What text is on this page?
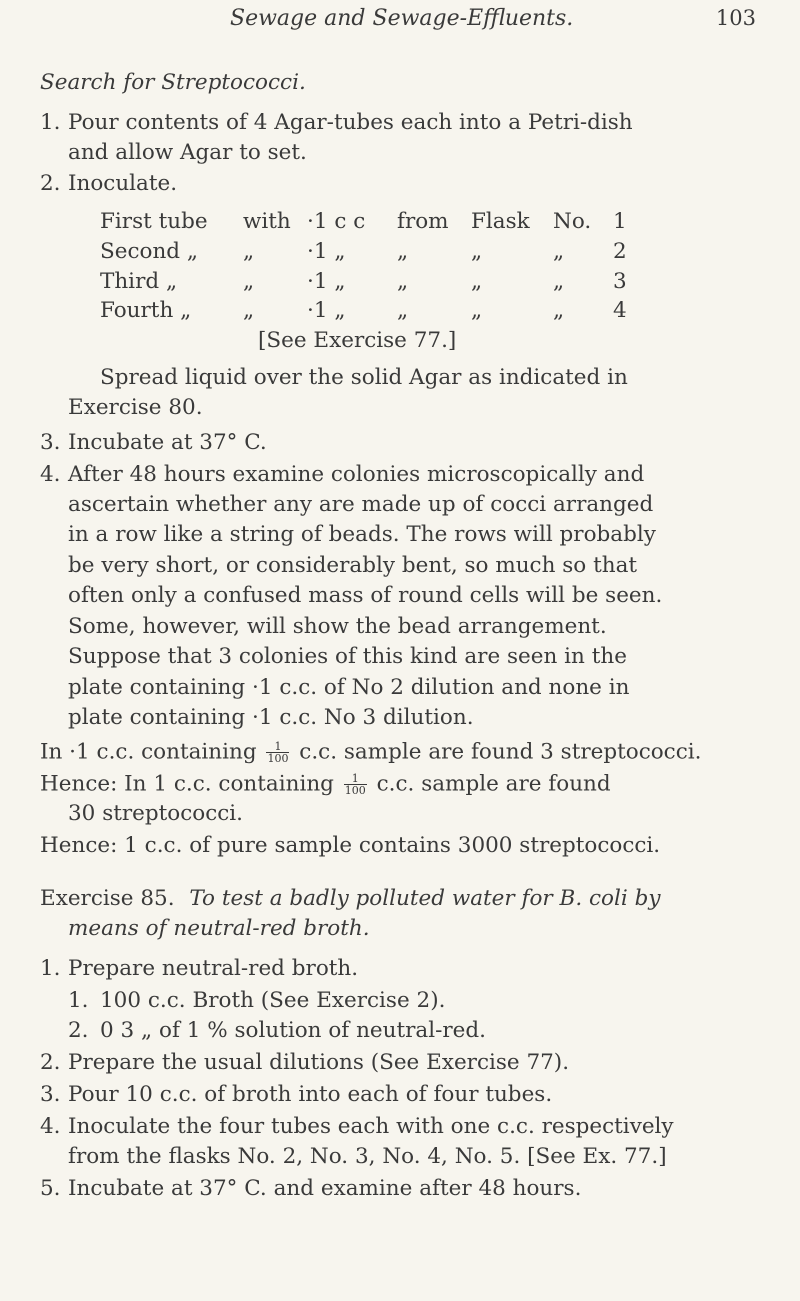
Sewage and Sewage-Effluents.	103
Search for Streptococci.
1. Pour contents of 4 Agar-tubes each into a Petri-dish
and allow Agar to set.
2. Inoculate.
First tube with ·1 c c from Flask No. 1
Second „ „ ·1 „ „	„	„ 2
Third „	„ ·1 „ „	„	„ 3
Fourth „ „ ·1 „ „	„	„ 4
[See Exercise 77.]
Spread liquid over the solid Agar as indicated in
Exercise 80.
3. Incubate at 37° C.
4. After 48 hours examine colonies microscopically and
ascertain whether any are made up of cocci arranged
in a row like a string of beads. The rows will probably
be very short, or considerably bent, so much so that
often only a confused mass of round cells will be seen.
Some, however, will show the bead arrangement.
Suppose that 3 colonies of this kind are seen in the
plate containing ·1 c.c. of No 2 dilution and none in
plate containing ·1 c.c. No 3 dilution.
In ·1 c.c. containing $\frac{1}{100} c.c$. sample are found 3 streptococci.
Hence: In 1 c.c. containing $\frac{1}{100} c.c$. sample are found
30 streptococci.
Hence: 1 c.c. of pure sample contains 3000 streptococci.
Exercise 85. To test a badly polluted water for B. coli by
means of neutral-red broth.
1. Prepare neutral-red broth.
1. 100 c.c. Broth (See Exercise 2).
2. 0 3 „ of 1 % solution of neutral-red.
2. Prepare the usual dilutions (See Exercise 77).
3. Pour 10 c.c. of broth into each of four tubes.
4. Inoculate the four tubes each with one c.c. respectively
from the flasks No. 2, No. 3, No. 4, No. 5. [See Ex. 77.]
5. Incubate at 37° C. and examine after 48 hours.
